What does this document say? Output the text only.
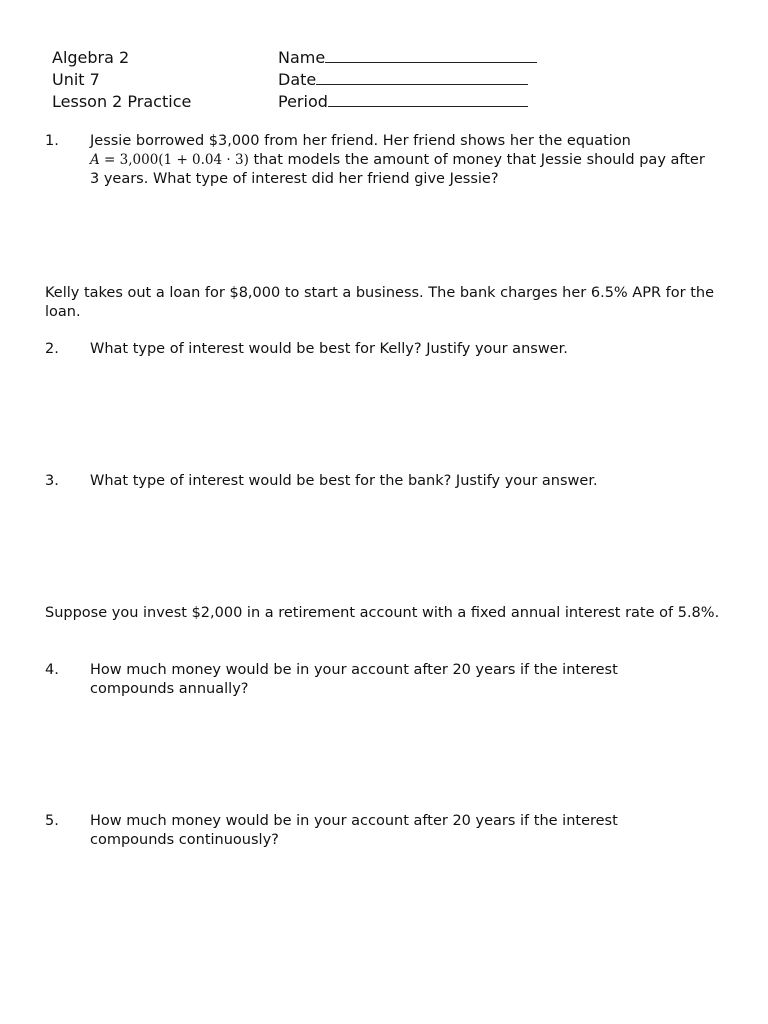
Algebra 2
Unit 7
Lesson 2 Practice
Name
Date
Period
1.	Jessie borrowed $3,000 from her friend. Her friend shows her the equation
A = 3,000(1 + 0.04 · 3) that models the amount of money that Jessie should pay after
3 years. What type of interest did her friend give Jessie?
Kelly takes out a loan for $8,000 to start a business. The bank charges her 6.5% APR for the loan.
2.	What type of interest would be best for Kelly? Justify your answer.
3.	What type of interest would be best for the bank? Justify your answer.
Suppose you invest $2,000 in a retirement account with a fixed annual interest rate of 5.8%.
4.	How much money would be in your account after 20 years if the interest compounds annually?
5.	How much money would be in your account after 20 years if the interest compounds continuously?
